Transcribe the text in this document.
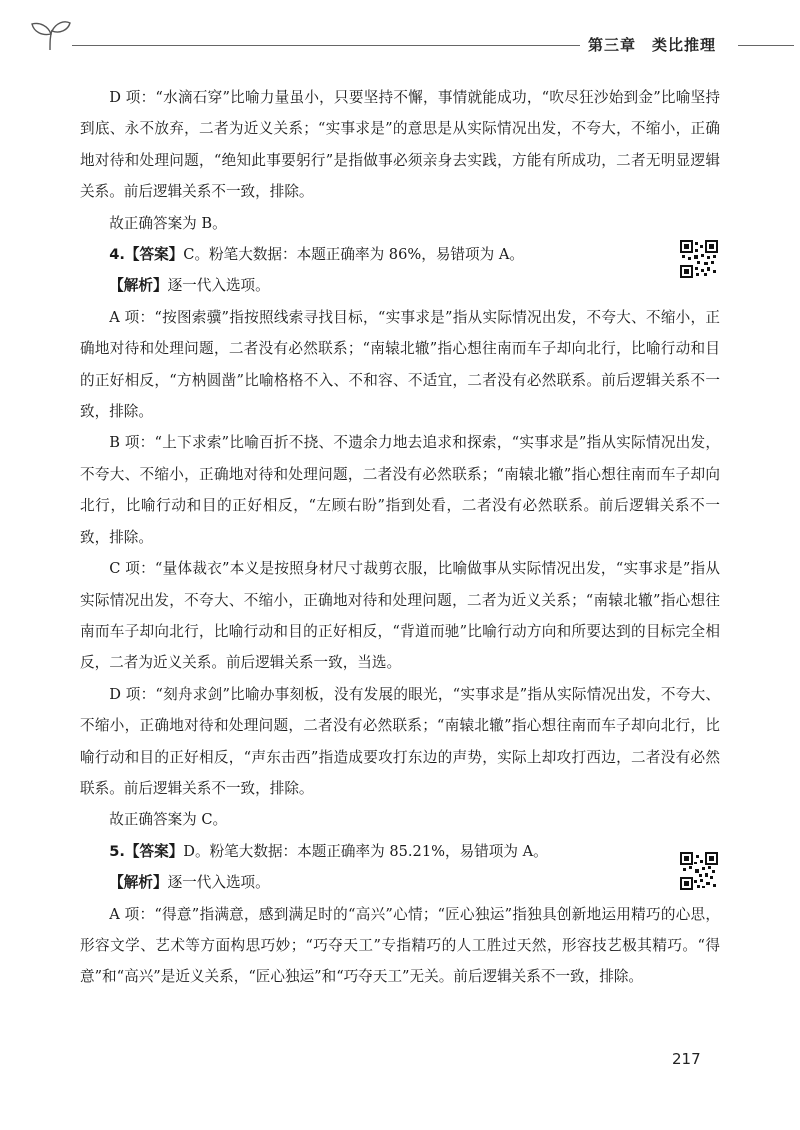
第三章 类比推理

D 项：“水滴石穿”比喻力量虽小，只要坚持不懈，事情就能成功，“吹尽狂沙始到金”比喻坚持到底、永不放弃，二者为近义关系；“实事求是”的意思是从实际情况出发，不夸大，不缩小，正确地对待和处理问题，“绝知此事要躬行”是指做事必须亲身去实践，方能有所成功，二者无明显逻辑关系。前后逻辑关系不一致，排除。

故正确答案为 B。

4.【答案】C。粉笔大数据：本题正确率为 86%，易错项为 A。

【解析】逐一代入选项。

A 项：“按图索骥”指按照线索寻找目标，“实事求是”指从实际情况出发，不夸大、不缩小，正确地对待和处理问题，二者没有必然联系；“南辕北辙”指心想往南而车子却向北行，比喻行动和目的正好相反，“方枘圆凿”比喻格格不入、不和容、不适宜，二者没有必然联系。前后逻辑关系不一致，排除。

B 项：“上下求索”比喻百折不挠、不遗余力地去追求和探索，“实事求是”指从实际情况出发，不夸大、不缩小，正确地对待和处理问题，二者没有必然联系；“南辕北辙”指心想往南而车子却向北行，比喻行动和目的正好相反，“左顾右盼”指到处看，二者没有必然联系。前后逻辑关系不一致，排除。

C 项：“量体裁衣”本义是按照身材尺寸裁剪衣服，比喻做事从实际情况出发，“实事求是”指从实际情况出发，不夸大、不缩小，正确地对待和处理问题，二者为近义关系；“南辕北辙”指心想往南而车子却向北行，比喻行动和目的正好相反，“背道而驰”比喻行动方向和所要达到的目标完全相反，二者为近义关系。前后逻辑关系一致，当选。

D 项：“刻舟求剑”比喻办事刻板，没有发展的眼光，“实事求是”指从实际情况出发，不夸大、不缩小，正确地对待和处理问题，二者没有必然联系；“南辕北辙”指心想往南而车子却向北行，比喻行动和目的正好相反，“声东击西”指造成要攻打东边的声势，实际上却攻打西边，二者没有必然联系。前后逻辑关系不一致，排除。

故正确答案为 C。

5.【答案】D。粉笔大数据：本题正确率为 85.21%，易错项为 A。

【解析】逐一代入选项。

A 项：“得意”指满意，感到满足时的“高兴”心情；“匠心独运”指独具创新地运用精巧的心思，形容文学、艺术等方面构思巧妙；“巧夺天工”专指精巧的人工胜过天然，形容技艺极其精巧。“得意”和“高兴”是近义关系，“匠心独运”和“巧夺天工”无关。前后逻辑关系不一致，排除。

217
